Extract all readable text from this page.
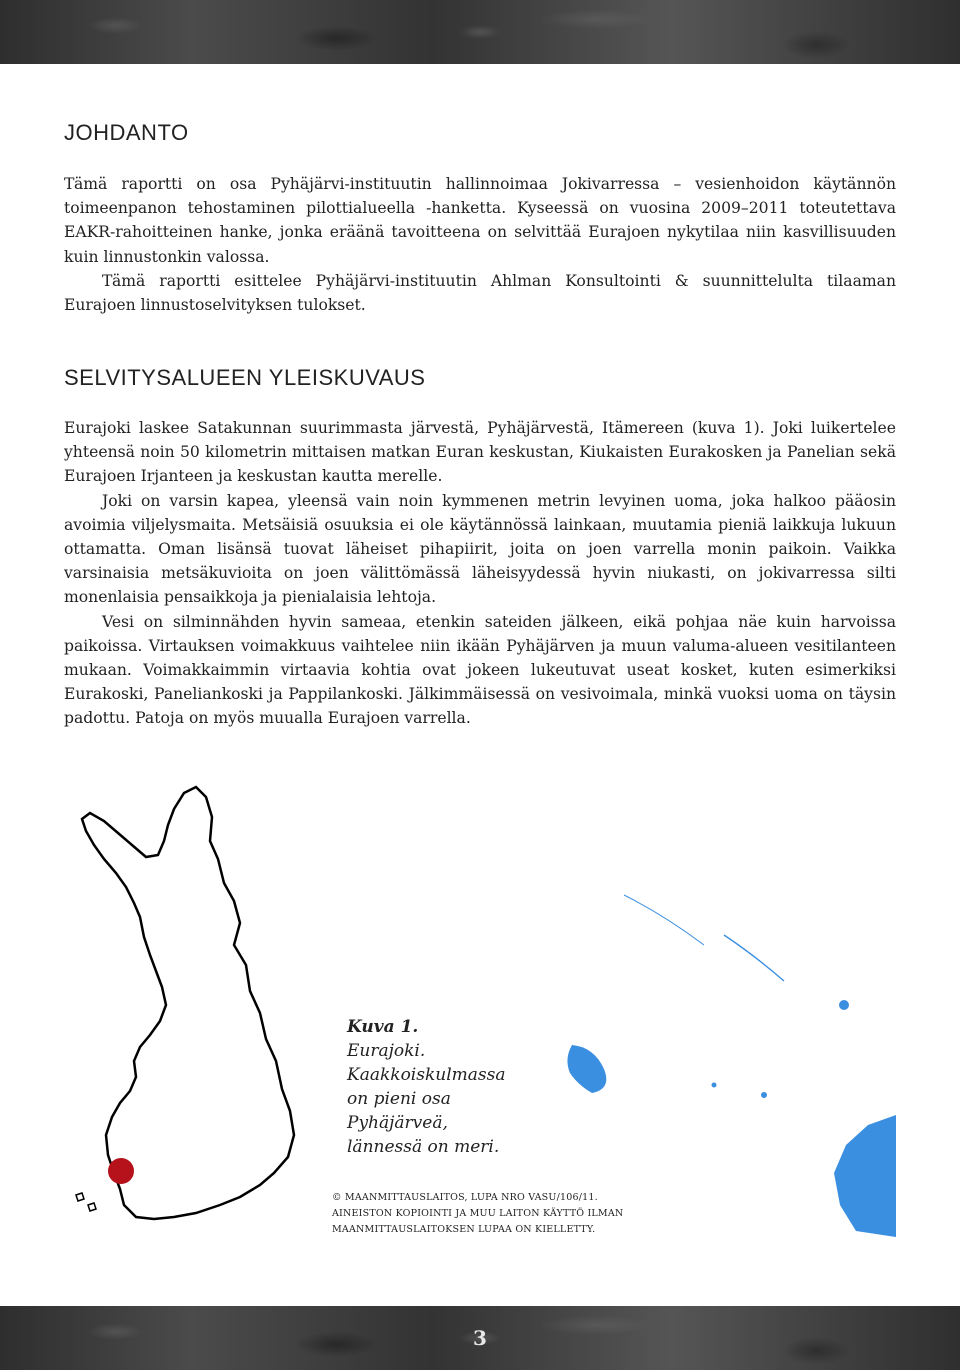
JOHDANTO

Tämä raportti on osa Pyhäjärvi-instituutin hallinnoimaa Jokivarressa – vesienhoidon käytännön toimeenpanon tehostaminen pilottialueella -hanketta. Kyseessä on vuosina 2009–2011 toteutettava EAKR-rahoitteinen hanke, jonka eräänä tavoitteena on selvittää Eurajoen nykytilaa niin kasvillisuuden kuin linnustonkin valossa.

Tämä raportti esittelee Pyhäjärvi-instituutin Ahlman Konsultointi & suunnittelulta tilaaman Eurajoen linnustoselvityksen tulokset.

SELVITYSALUEEN YLEISKUVAUS

Eurajoki laskee Satakunnan suurimmasta järvestä, Pyhäjärvestä, Itämereen (kuva 1). Joki luikertelee yhteensä noin 50 kilometrin mittaisen matkan Euran keskustan, Kiukaisten Eurakosken ja Panelian sekä Eurajoen Irjanteen ja keskustan kautta merelle.

Joki on varsin kapea, yleensä vain noin kymmenen metrin levyinen uoma, joka halkoo pääosin avoimia viljelysmaita. Metsäisiä osuuksia ei ole käytännössä lainkaan, muutamia pieniä laikkuja lukuun ottamatta. Oman lisänsä tuovat läheiset pihapiirit, joita on joen varrella monin paikoin. Vaikka varsinaisia metsäkuvioita on joen välittömässä läheisyydessä hyvin niukasti, on jokivarressa silti monenlaisia pensaikkoja ja pienialaisia lehtoja.

Vesi on silminnähden hyvin sameaa, etenkin sateiden jälkeen, eikä pohjaa näe kuin harvoissa paikoissa. Virtauksen voimakkuus vaihtelee niin ikään Pyhäjärven ja muun valuma-alueen vesitilanteen mukaan. Voimakkaimmin virtaavia kohtia ovat jokeen lukeutuvat useat kosket, kuten esimerkiksi Eurakoski, Paneliankoski ja Pappilankoski. Jälkimmäisessä on vesivoimala, minkä vuoksi uoma on täysin padottu. Patoja on myös muualla Eurajoen varrella.

Kuva 1.
Eurajoki. Kaakkoiskulmassa on pieni osa Pyhäjärveä, lännessä on meri.
© MAANMITTAUSLAITOS, LUPA NRO VASU/106/11.
AINEISTON KOPIOINTI JA MUU LAITON KÄYTTÖ ILMAN MAANMITTAUSLAITOKSEN LUPAA ON KIELLETTY.
3
